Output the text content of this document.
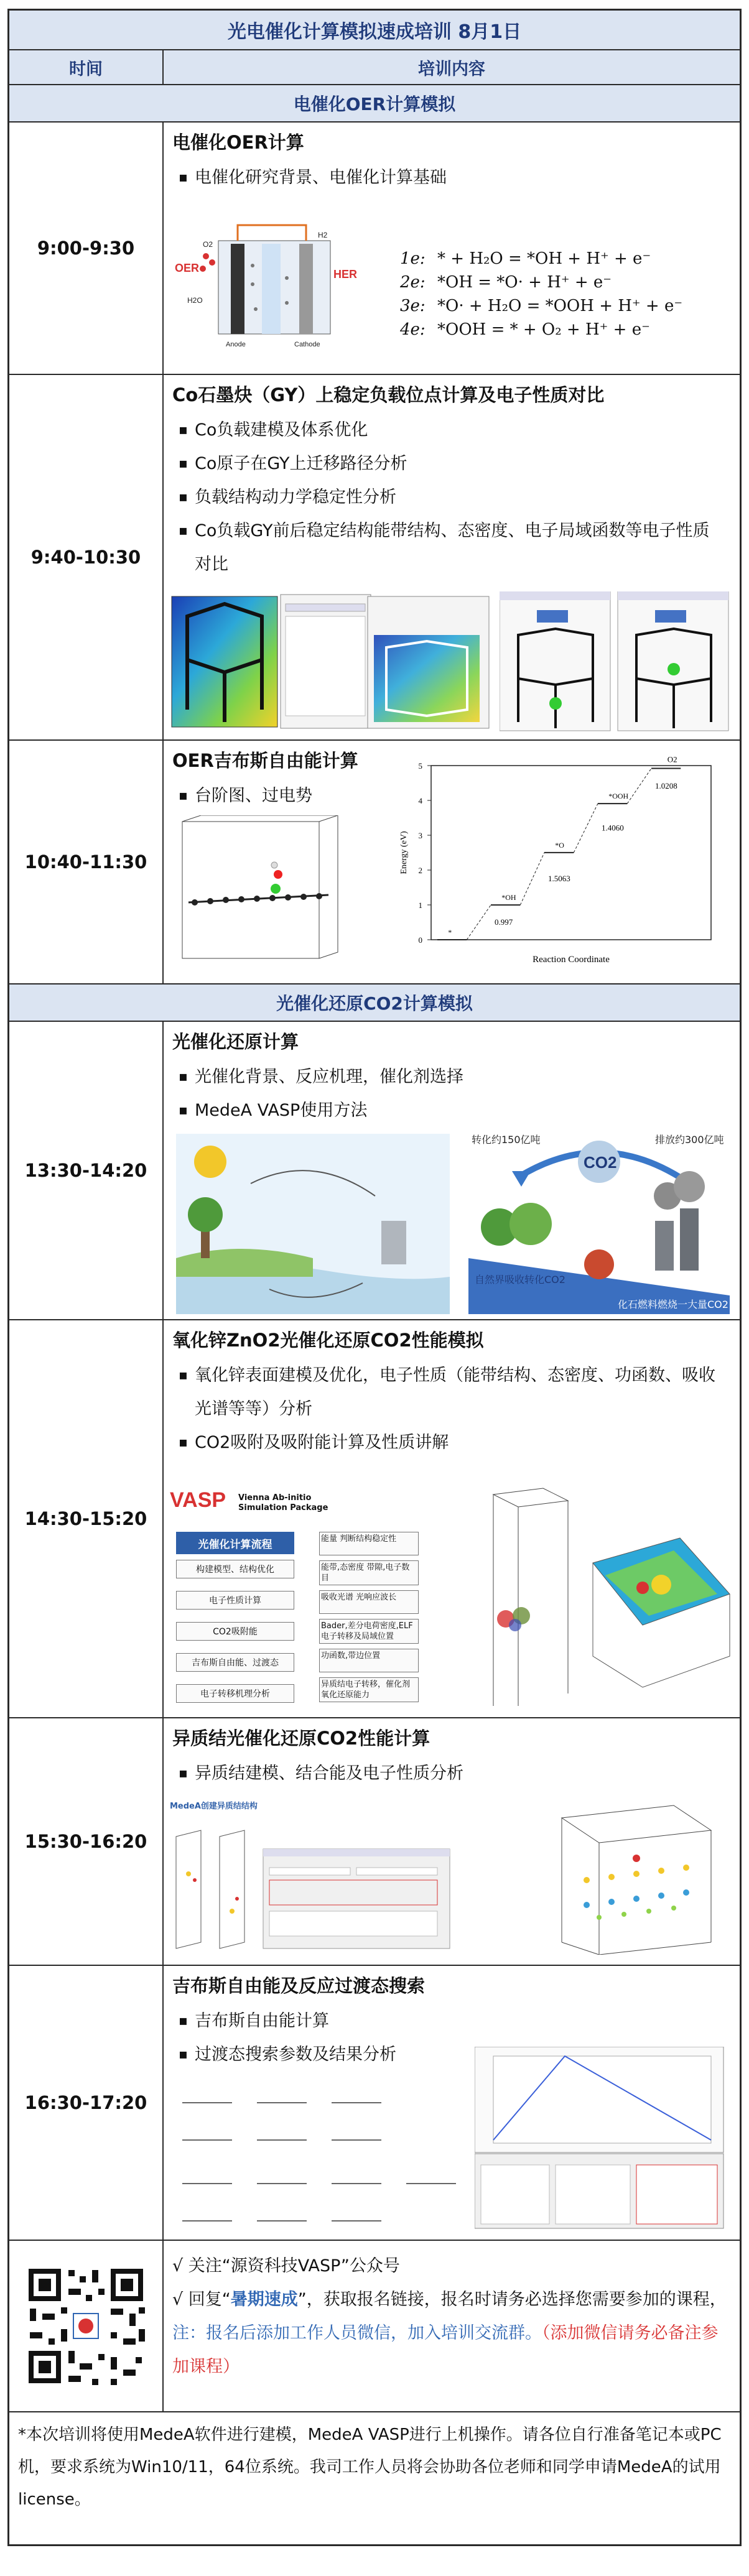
光电催化计算模拟速成培训 8月1日
时间	培训内容
电催化OER计算模拟
9:00-9:30
电催化OER计算
▪ 电催化研究背景、电催化计算基础
OER	HER
Anode	Cathode
H2O
O2
H2
1e: * + H₂O = *OH + H⁺ + e⁻
2e: *OH = *O· + H⁺ + e⁻
3e: *O· + H₂O = *OOH + H⁺ + e⁻
4e: *OOH = * + O₂ + H⁺ + e⁻
9:40-10:30
Co石墨炔（GY）上稳定负载位点计算及电子性质对比
▪ Co负载建模及体系优化
▪ Co原子在GY上迁移路径分析
▪ 负载结构动力学稳定性分析
▪ Co负载GY前后稳定结构能带结构、态密度、电子局域函数等电子性质对比
10:40-11:30
OER吉布斯自由能计算
▪ 台阶图、过电势
0
1
2
3
4
5
Energy (eV)
Reaction Coordinate
*
*OH
0.997
*O
1.5063
*OOH
1.4060
1.0208
O2
光催化还原CO2计算模拟
13:30-14:20
光催化还原计算
▪ 光催化背景、反应机理，催化剂选择
▪ MedeA VASP使用方法
CO2
转化约150亿吨	排放约300亿吨
自然界吸收转化CO2
化石燃料燃烧一大量CO2
14:30-15:20
氧化锌ZnO2光催化还原CO2性能模拟
▪ 氧化锌表面建模及优化，电子性质（能带结构、态密度、功函数、吸收光谱等等）分析
▪ CO2吸附及吸附能计算及性质讲解
VASP Vienna Ab-initio Simulation Package
光催化计算流程
构建模型、结构优化
电子性质计算
CO2吸附能
吉布斯自由能、过渡态
电子转移机理分析
能量 判断结构稳定性
能带,态密度 带隙,电子数目
吸收光谱 光响应波长
Bader,差分电荷密度,ELF 电子转移及局域位置
功函数,带边位置
异质结电子转移，催化剂氧化还原能力
15:30-16:20
异质结光催化还原CO2性能计算
▪ 异质结建模、结合能及电子性质分析
MedeA创建异质结结构
16:30-17:20
吉布斯自由能及反应过渡态搜索
▪ 吉布斯自由能计算
▪ 过渡态搜索参数及结果分析
√ 关注“源资科技VASP”公众号
√ 回复“暑期速成”，获取报名链接，报名时请务必选择您需要参加的课程，
注：报名后添加工作人员微信，加入培训交流群。（添加微信请务必备注参加课程）
*本次培训将使用MedeA软件进行建模，MedeA VASP进行上机操作。请各位自行准备笔记本或PC机，要求系统为Win10/11，64位系统。我司工作人员将会协助各位老师和同学申请MedeA的试用license。
